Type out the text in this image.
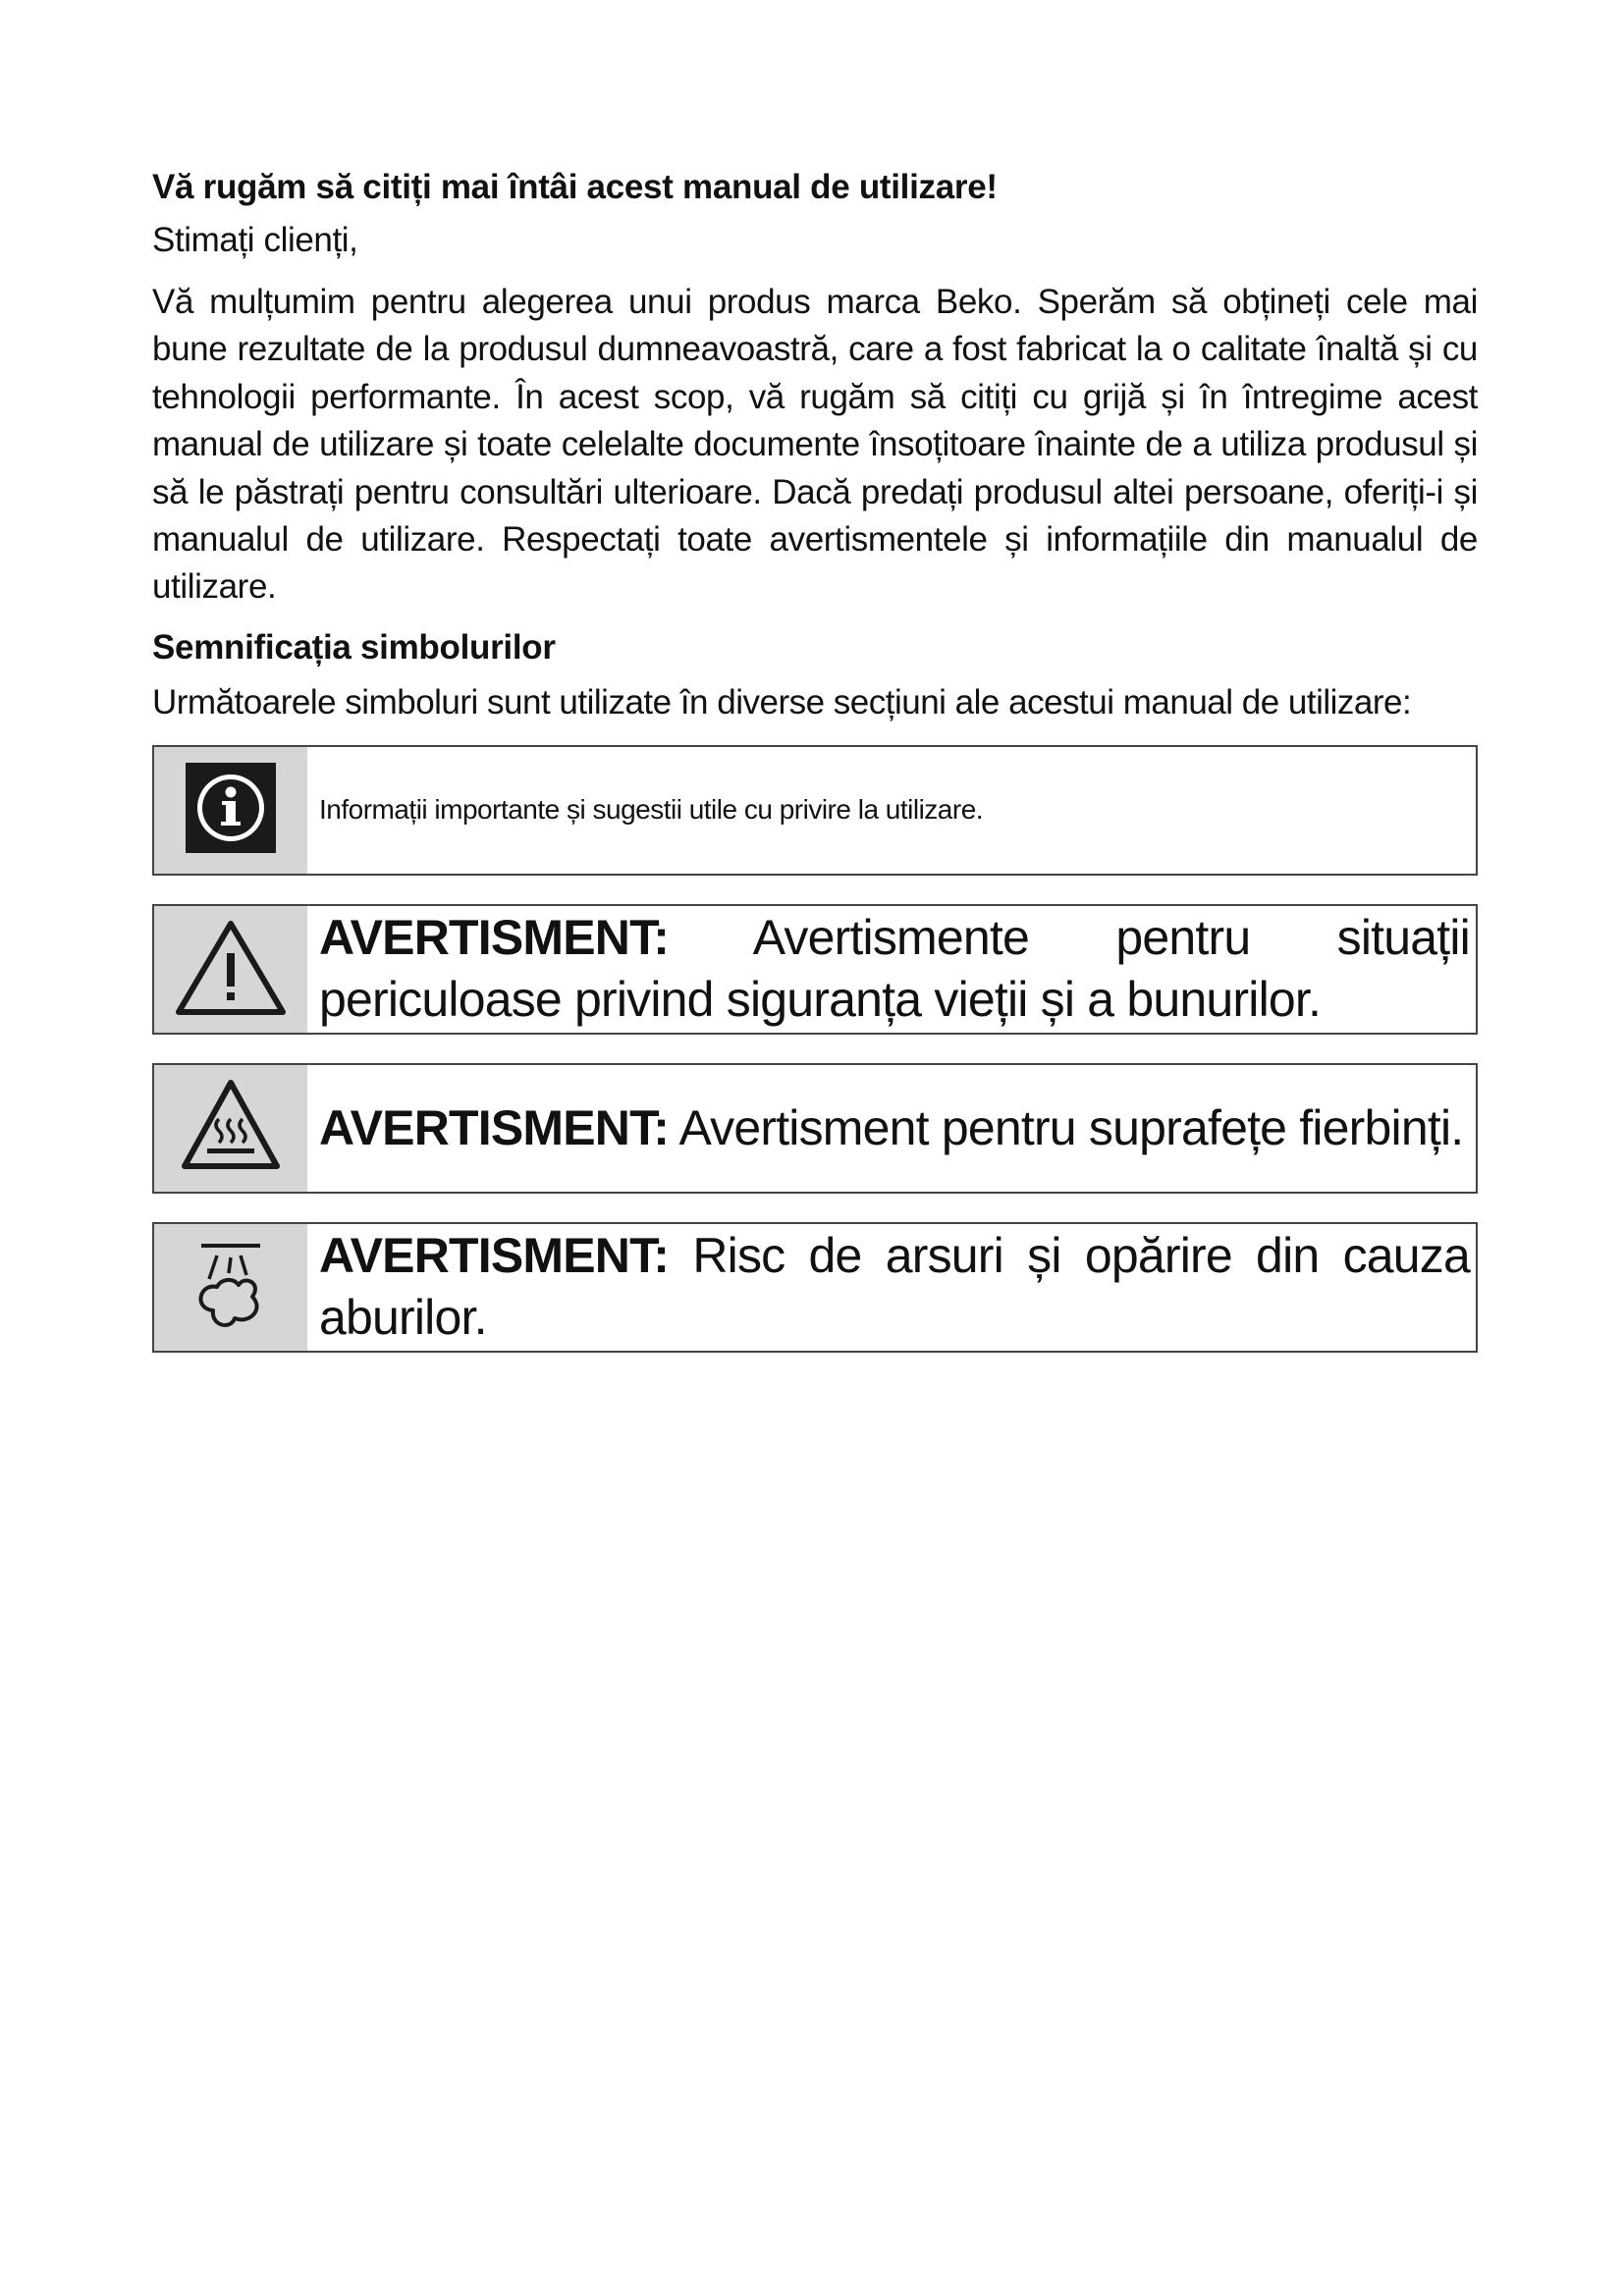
Vă rugăm să citiți mai întâi acest manual de utilizare!
Stimați clienți,
Vă mulțumim pentru alegerea unui produs marca Beko. Sperăm să obțineți cele mai bune rezultate de la produsul dumneavoastră, care a fost fabricat la o calitate înaltă și cu tehnologii performante. În acest scop, vă rugăm să citiți cu grijă și în întregime acest manual de utilizare și toate celelalte documente însoțitoare înainte de a utiliza produsul și să le păstrați pentru consultări ulterioare. Dacă predați produsul altei persoane, oferiți-i și manualul de utilizare. Respectați toate avertismentele și informațiile din manualul de utilizare.
Semnificația simbolurilor
Următoarele simboluri sunt utilizate în diverse secțiuni ale acestui manual de utilizare:
Informații importante și sugestii utile cu privire la utilizare.
AVERTISMENT: Avertismente pentru situații periculoase privind siguranța vieții și a bunurilor.
AVERTISMENT: Avertisment pentru suprafețe fierbinți.
AVERTISMENT: Risc de arsuri și opărire din cauza aburilor.
